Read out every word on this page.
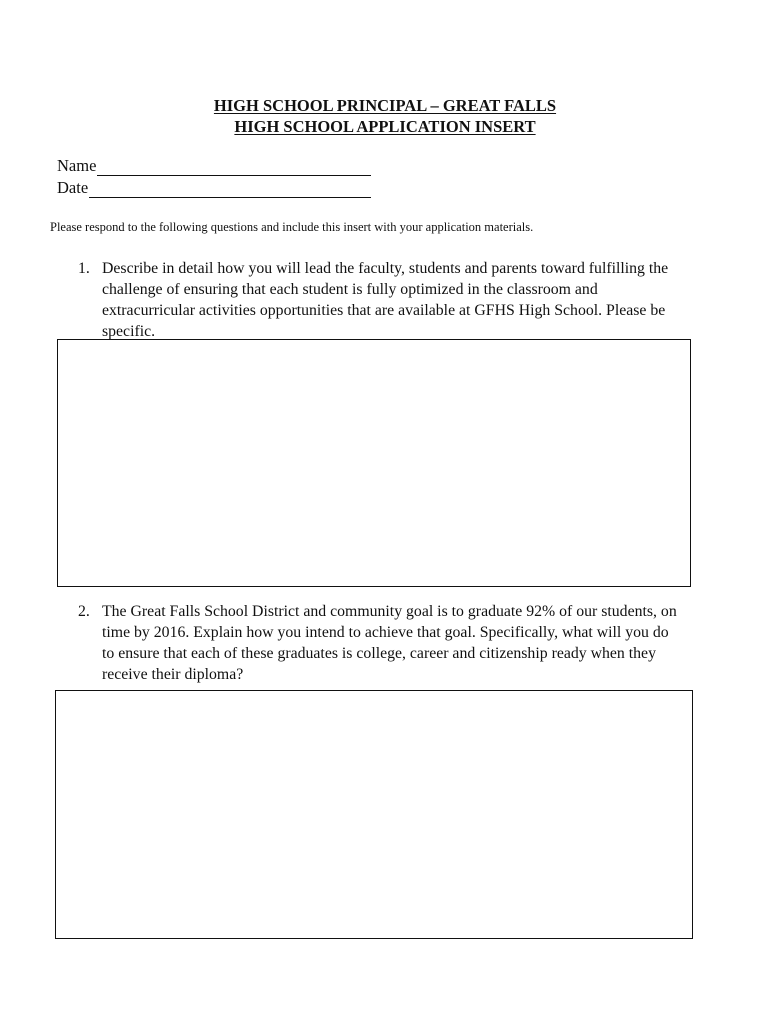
HIGH SCHOOL PRINCIPAL – GREAT FALLS
HIGH SCHOOL APPLICATION INSERT
Name
Date
Please respond to the following questions and include this insert with your application materials.
1. Describe in detail how you will lead the faculty, students and parents toward fulfilling the challenge of ensuring that each student is fully optimized in the classroom and extracurricular activities opportunities that are available at GFHS High School. Please be specific.
2. The Great Falls School District and community goal is to graduate 92% of our students, on time by 2016. Explain how you intend to achieve that goal. Specifically, what will you do to ensure that each of these graduates is college, career and citizenship ready when they receive their diploma?
